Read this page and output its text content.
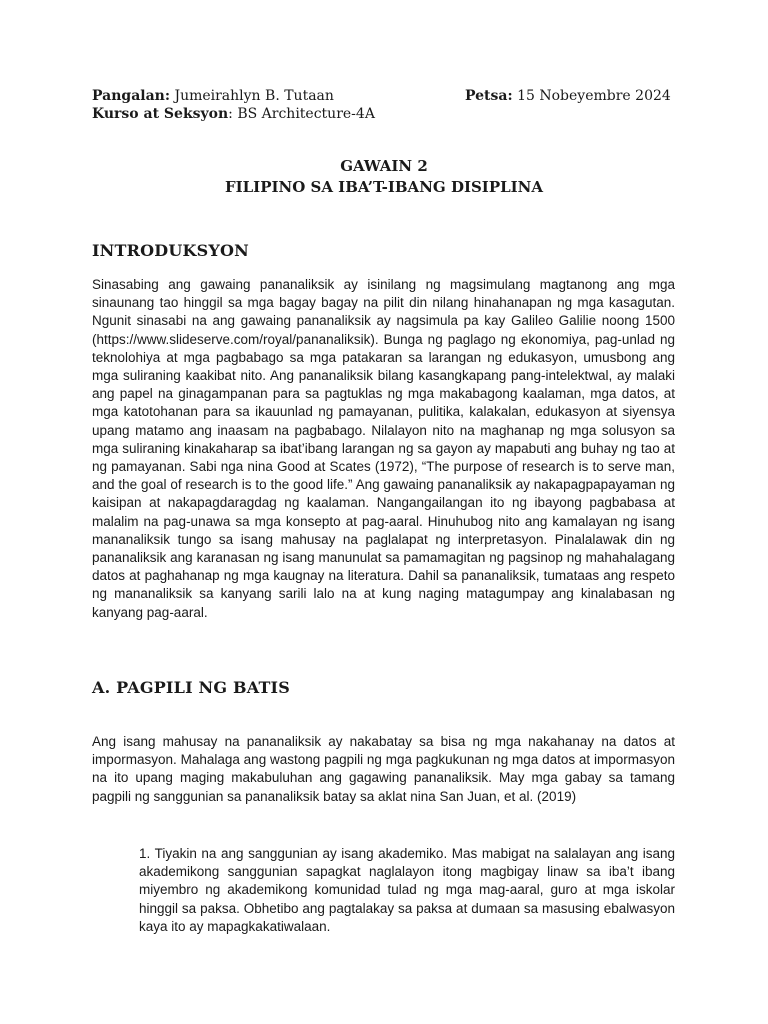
Pangalan: Jumeirahlyn B. Tutaan	Petsa: 15 Nobeyembre 2024
Kurso at Seksyon: BS Architecture-4A
GAWAIN 2
FILIPINO SA IBA’T-IBANG DISIPLINA
INTRODUKSYON

Sinasabing ang gawaing pananaliksik ay isinilang ng magsimulang magtanong ang mga sinaunang tao hinggil sa mga bagay bagay na pilit din nilang hinahanapan ng mga kasagutan. Ngunit sinasabi na ang gawaing pananaliksik ay nagsimula pa kay Galileo Galilie noong 1500 (https://www.slideserve.com/royal/pananaliksik). Bunga ng paglago ng ekonomiya, pag-unlad ng teknolohiya at mga pagbabago sa mga patakaran sa larangan ng edukasyon, umusbong ang mga suliraning kaakibat nito. Ang pananaliksik bilang kasangkapang pang-intelektwal, ay malaki ang papel na ginagampanan para sa pagtuklas ng mga makabagong kaalaman, mga datos, at mga katotohanan para sa ikauunlad ng pamayanan, pulitika, kalakalan, edukasyon at siyensya upang matamo ang inaasam na pagbabago. Nilalayon nito na maghanap ng mga solusyon sa mga suliraning kinakaharap sa ibat’ibang larangan ng sa gayon ay mapabuti ang buhay ng tao at ng pamayanan. Sabi nga nina Good at Scates (1972), “The purpose of research is to serve man, and the goal of research is to the good life.” Ang gawaing pananaliksik ay nakapagpapayaman ng kaisipan at nakapagdaragdag ng kaalaman. Nangangailangan ito ng ibayong pagbabasa at malalim na pag-unawa sa mga konsepto at pag-aaral. Hinuhubog nito ang kamalayan ng isang mananaliksik tungo sa isang mahusay na paglalapat ng interpretasyon. Pinalalawak din ng pananaliksik ang karanasan ng isang manunulat sa pamamagitan ng pagsinop ng mahahalagang datos at paghahanap ng mga kaugnay na literatura. Dahil sa pananaliksik, tumataas ang respeto ng mananaliksik sa kanyang sarili lalo na at kung naging matagumpay ang kinalabasan ng kanyang pag-aaral.

A. PAGPILI NG BATIS

Ang isang mahusay na pananaliksik ay nakabatay sa bisa ng mga nakahanay na datos at impormasyon. Mahalaga ang wastong pagpili ng mga pagkukunan ng mga datos at impormasyon na ito upang maging makabuluhan ang gagawing pananaliksik. May mga gabay sa tamang pagpili ng sanggunian sa pananaliksik batay sa aklat nina San Juan, et al. (2019)

1. Tiyakin na ang sanggunian ay isang akademiko. Mas mabigat na salalayan ang isang akademikong sanggunian sapagkat naglalayon itong magbigay linaw sa iba’t ibang miyembro ng akademikong komunidad tulad ng mga mag-aaral, guro at mga iskolar hinggil sa paksa. Obhetibo ang pagtalakay sa paksa at dumaan sa masusing ebalwasyon kaya ito ay mapagkakatiwalaan.
